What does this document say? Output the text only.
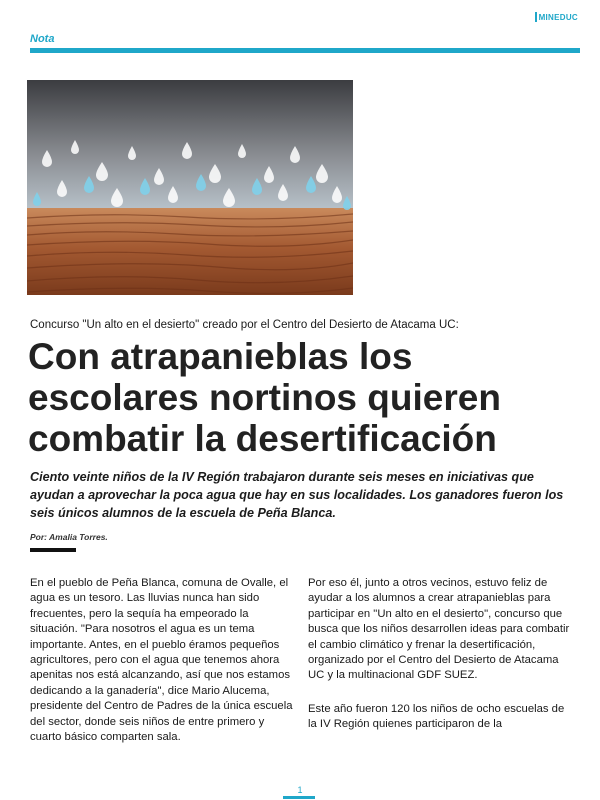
MINEDUC
Nota
Concurso "Un alto en el desierto" creado por el Centro del Desierto de Atacama UC:
Con atrapanieblas los escolares nortinos quieren combatir la desertificación

Ciento veinte niños de la IV Región trabajaron durante seis meses en iniciativas que ayudan a aprovechar la poca agua que hay en sus localidades. Los ganadores fueron los seis únicos alumnos de la escuela de Peña Blanca.

Por: Amalia Torres.

En el pueblo de Peña Blanca, comuna de Ovalle, el agua es un tesoro. Las lluvias nunca han sido frecuentes, pero la sequía ha empeorado la situación. "Para nosotros el agua es un tema importante. Antes, en el pueblo éramos pequeños agricultores, pero con el agua que tenemos ahora apenitas nos está alcanzando, así que nos estamos dedicando a la ganadería", dice Mario Alucema, presidente del Centro de Padres de la única escuela del sector, donde seis niños de entre primero y cuarto básico comparten sala.

Por eso él, junto a otros vecinos, estuvo feliz de ayudar a los alumnos a crear atrapanieblas para participar en "Un alto en el desierto", concurso que busca que los niños desarrollen ideas para combatir el cambio climático y frenar la desertificación, organizado por el Centro del Desierto de Atacama UC y la multinacional GDF SUEZ.

Este año fueron 120 los niños de ocho escuelas de la IV Región quienes participaron de la

1
